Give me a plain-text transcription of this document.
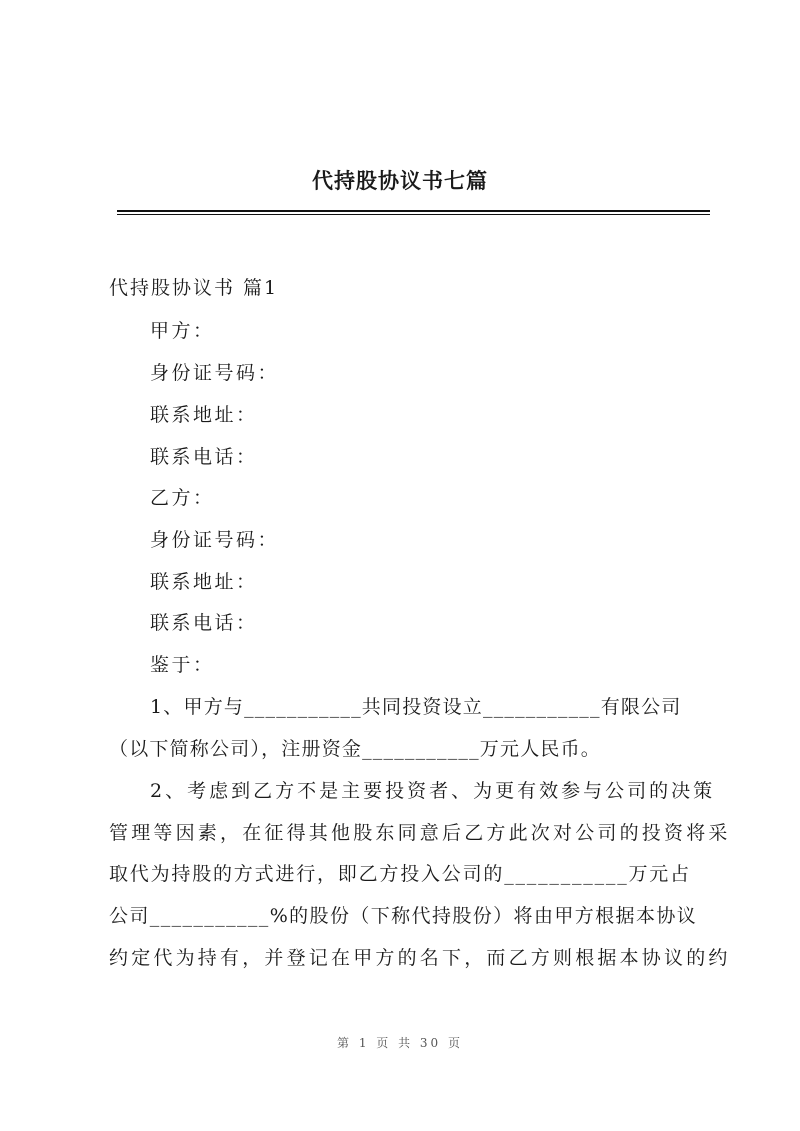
代持股协议书七篇
代持股协议书 篇1
甲方：
身份证号码：
联系地址：
联系电话：
乙方：
身份证号码：
联系地址：
联系电话：
鉴于：
1、甲方与___________共同投资设立___________有限公司
（以下简称公司），注册资金___________万元人民币。
2、考虑到乙方不是主要投资者、为更有效参与公司的决策
管理等因素，在征得其他股东同意后乙方此次对公司的投资将采
取代为持股的方式进行，即乙方投入公司的___________万元占
公司___________%的股份（下称代持股份）将由甲方根据本协议
约定代为持有，并登记在甲方的名下，而乙方则根据本协议的约
第 1 页 共 30 页
